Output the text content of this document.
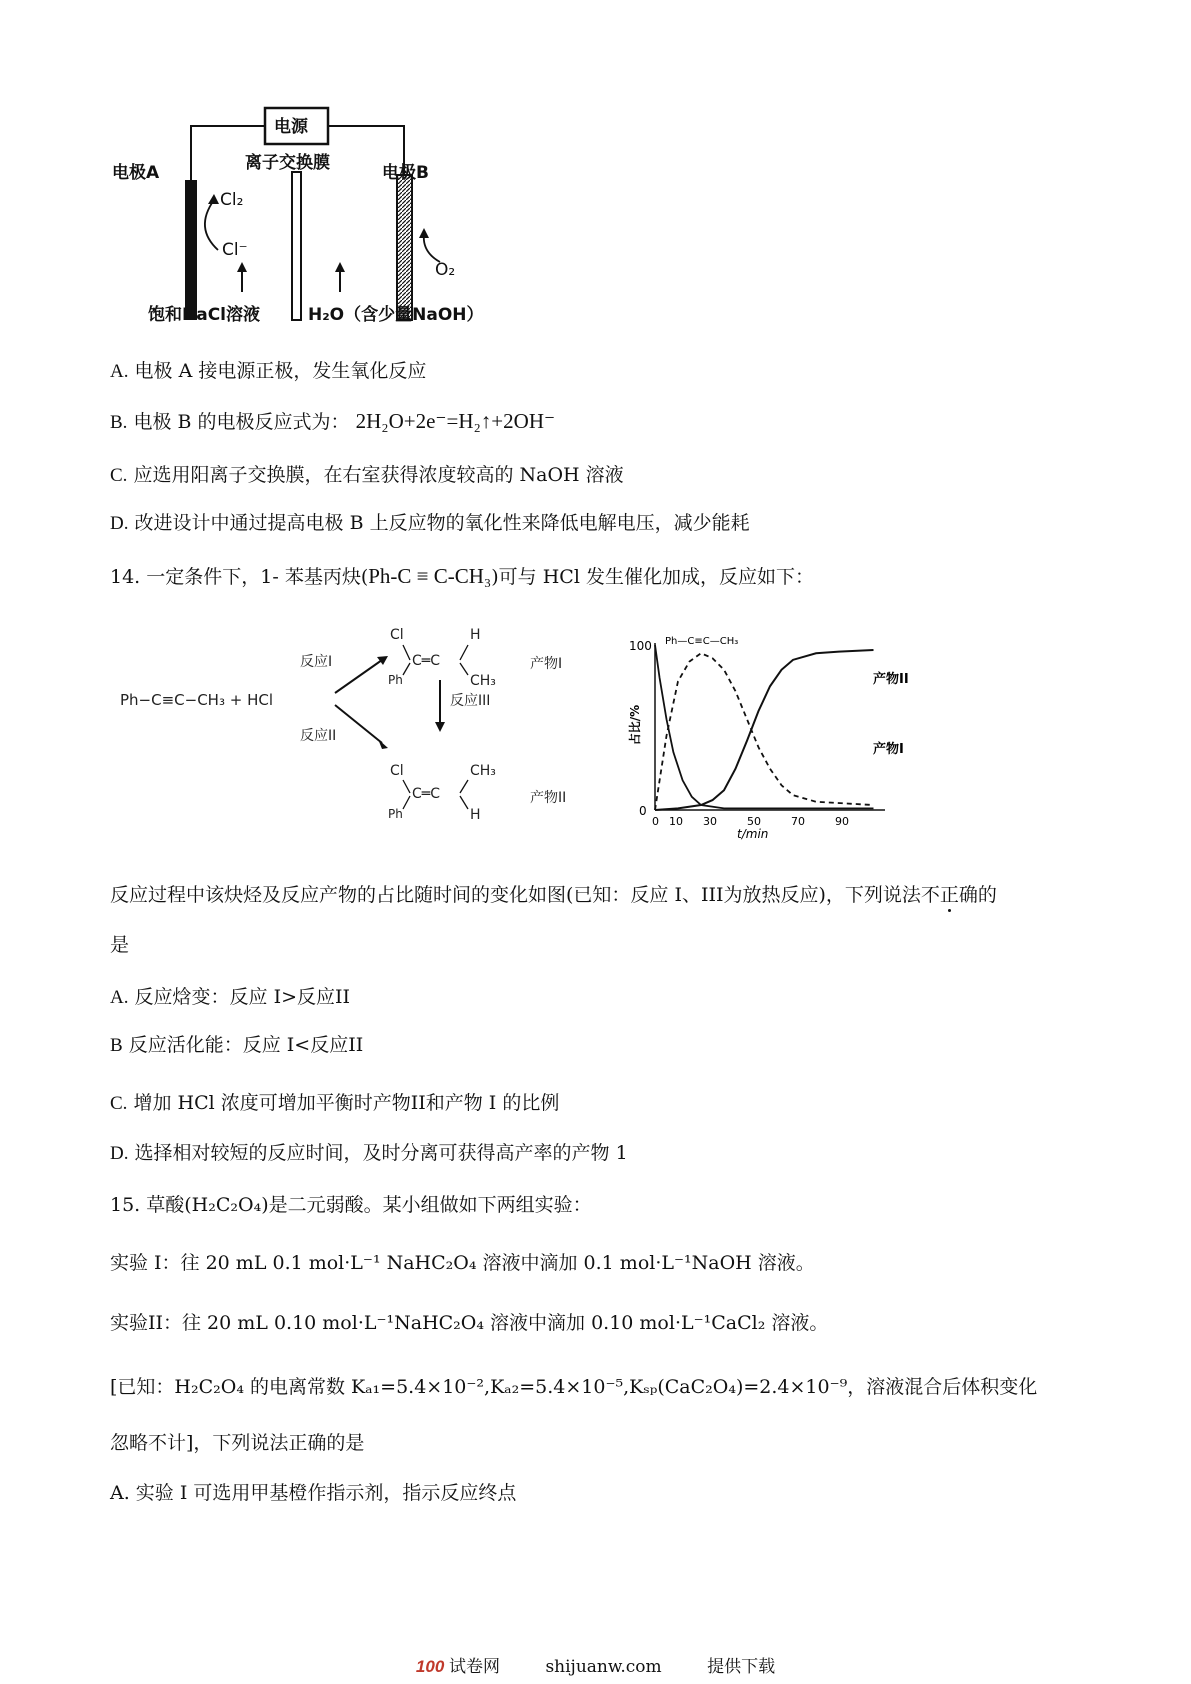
电源
电极A	离子交换膜	电极B
Cl₂
Cl⁻
O₂
饱和NaCl溶液	H₂O（含少量NaOH）
A. 电极 A 接电源正极，发生氧化反应
B. 电极 B 的电极反应式为： 2H₂O+2e⁻=H₂↑+2OH⁻
C. 应选用阳离子交换膜，在右室获得浓度较高的 NaOH 溶液
D. 改进设计中通过提高电极 B 上反应物的氧化性来降低电解电压，减少能耗
14. 一定条件下，1- 苯基丙炔(Ph-C ≡ C-CH₃)可与 HCl 发生催化加成，反应如下：
Ph−C≡C−CH₃ + HCl
反应I
反应II
反应III
Cl	H
C═C
Ph	CH₃
产物I
Cl	CH₃
C═C
Ph	H
产物II
Ph—C≡C—CH₃
产物II
产物I
占比/%
100
0
0 10 30	50	70	90
t/min
反应过程中该炔烃及反应产物的占比随时间的变化如图(已知：反应 I、III为放热反应)，下列说法不正确的
是
A. 反应焓变：反应 I>反应II
B 反应活化能：反应 I<反应II
C. 增加 HCl 浓度可增加平衡时产物II和产物 I 的比例
D. 选择相对较短的反应时间，及时分离可获得高产率的产物 1
15. 草酸(H₂C₂O₄)是二元弱酸。某小组做如下两组实验：
实验 I：往 20 mL 0.1 mol·L⁻¹ NaHC₂O₄ 溶液中滴加 0.1 mol·L⁻¹NaOH 溶液。
实验II：往 20 mL 0.10 mol·L⁻¹NaHC₂O₄ 溶液中滴加 0.10 mol·L⁻¹CaCl₂ 溶液。
[已知：H₂C₂O₄ 的电离常数 Kₐ₁=5.4×10⁻²,Kₐ₂=5.4×10⁻⁵,Kₛₚ(CaC₂O₄)=2.4×10⁻⁹，溶液混合后体积变化
忽略不计]，下列说法正确的是
A. 实验 I 可选用甲基橙作指示剂，指示反应终点
100 试卷网	shijuanw.com	提供下载
